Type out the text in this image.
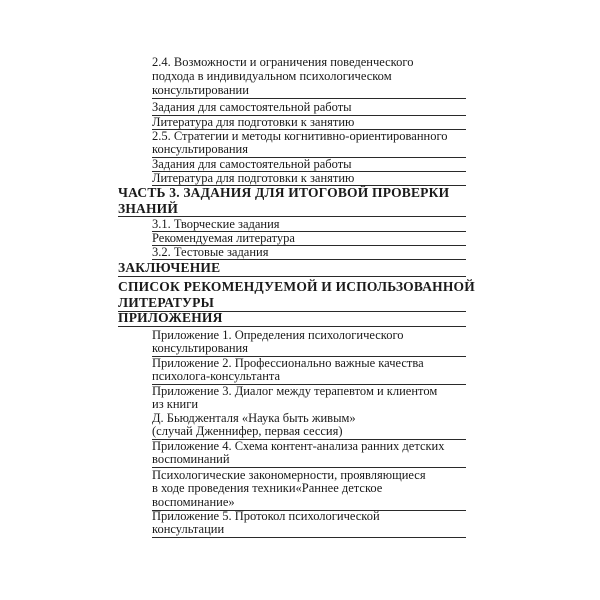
2.4. Возможности и ограничения поведенческого
подхода в индивидуальном психологическом
консультировании
Задания для самостоятельной работы
Литература для подготовки к занятию
2.5. Стратегии и методы когнитивно-ориентированного
консультирования
Задания для самостоятельной работы
Литература для подготовки к занятию
ЧАСТЬ 3. ЗАДАНИЯ ДЛЯ ИТОГОВОЙ ПРОВЕРКИ
ЗНАНИЙ
3.1. Творческие задания
Рекомендуемая литература
3.2. Тестовые задания
ЗАКЛЮЧЕНИЕ
СПИСОК РЕКОМЕНДУЕМОЙ И ИСПОЛЬЗОВАННОЙ
ЛИТЕРАТУРЫ
ПРИЛОЖЕНИЯ
Приложение 1. Определения психологического
консультирования
Приложение 2. Профессионально важные качества
психолога-консультанта
Приложение 3. Диалог между терапевтом и клиентом
из книги
Д. Бьюдженталя «Наука быть живым»
(случай Дженнифер, первая сессия)
Приложение 4. Схема контент-анализа ранних детских
воспоминаний
Психологические закономерности, проявляющиеся
в ходе проведения техники«Раннее детское
воспоминание»
Приложение 5. Протокол психологической
консультации
